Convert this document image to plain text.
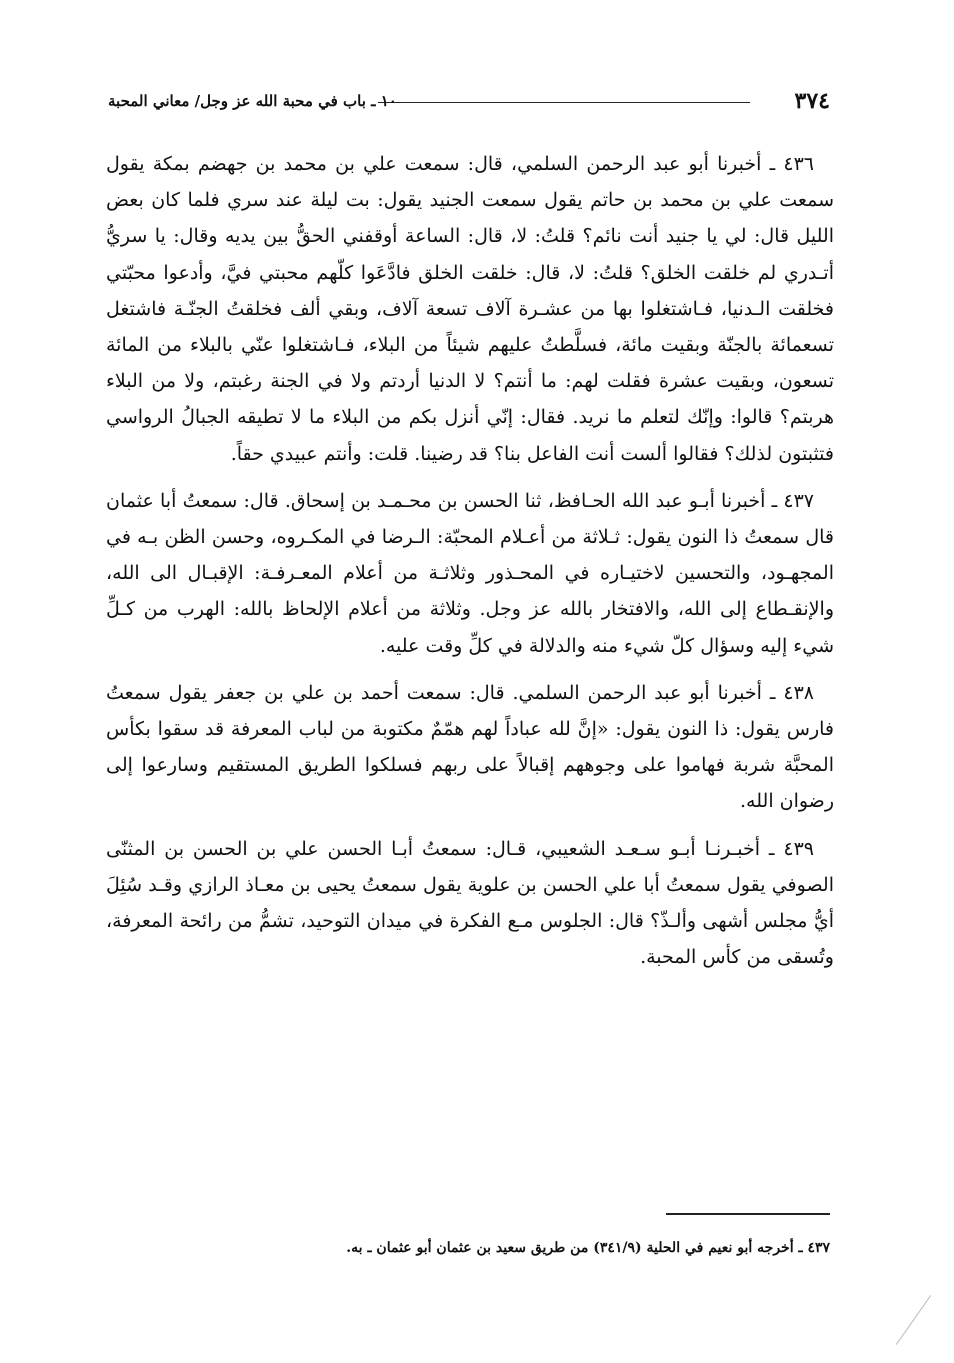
٣٧٤
١٠ ـ باب في محبة الله عز وجل/ معاني المحبة

٤٣٦ ـ أخبرنا أبو عبد الرحمن السلمي، قال: سمعت علي بن محمد بن جهضم بمكة يقول سمعت علي بن محمد بن حاتم يقول سمعت الجنيد يقول: بت ليلة عند سري فلما كان بعض الليل قال: لي يا جنيد أنت نائم؟ قلتُ: لا، قال: الساعة أوقفني الحقُّ بين يديه وقال: يا سريُّ أتـدري لم خلقت الخلق؟ قلتُ: لا، قال: خلقت الخلق فادَّعَوا كلّهم محبتي فيَّ، وأدعوا محبّتي فخلقت الـدنيا، فـاشتغلوا بها من عشـرة آلاف تسعة آلاف، وبقي ألف فخلقتُ الجنّـة فاشتغل تسعمائة بالجنّة وبقيت مائة، فسلَّطتُ عليهم شيئاً من البلاء، فـاشتغلوا عنّي بالبلاء من المائة تسعون، وبقيت عشرة فقلت لهم: ما أنتم؟ لا الدنيا أردتم ولا في الجنة رغبتم، ولا من البلاء هربتم؟ قالوا: وإنّك لتعلم ما نريد. فقال: إنّي أنزل بكم من البلاء ما لا تطيقه الجبالُ الرواسي فتثبتون لذلك؟ فقالوا ألست أنت الفاعل بنا؟ قد رضينا. قلت: وأنتم عبيدي حقاً.

٤٣٧ ـ أخبرنا أبـو عبد الله الحـافظ، ثنا الحسن بن محـمـد بن إسحاق. قال: سمعتُ أبا عثمان قال سمعتُ ذا النون يقول: ثـلاثة من أعـلام المحبّة: الـرضا في المكـروه، وحسن الظن بـه في المجهـود، والتحسين لاختيـاره في المحـذور وثلاثـة من أعلام المعـرفـة: الإقبـال الى الله، والإنقـطاع إلى الله، والافتخار بالله عز وجل. وثلاثة من أعلام الإلحاظ بالله: الهرب من كـلِّ شيء إليه وسؤال كلّ شيء منه والدلالة في كلِّ وقت عليه.

٤٣٨ ـ أخبرنا أبو عبد الرحمن السلمي. قال: سمعت أحمد بن علي بن جعفر يقول سمعتُ فارس يقول: ذا النون يقول: «إنَّ لله عباداً لهم همّمٌ مكتوبة من لباب المعرفة قد سقوا بكأس المحبَّة شربة فهاموا على وجوههم إقبالاً على ربهم فسلكوا الطريق المستقيم وسارعوا إلى رضوان الله.

٤٣٩ ـ أخبـرنـا أبـو سـعـد الشعيبي، قـال: سمعتُ أبـا الحسن علي بن الحسن بن المثنّى الصوفي يقول سمعتُ أبا علي الحسن بن علوية يقول سمعتُ يحيى بن معـاذ الرازي وقـد سُئِلَ أيُّ مجلس أشهى وألـذّ؟ قال: الجلوس مـع الفكرة في ميدان التوحيد، تشمُّ من رائحة المعرفة، وتُسقى من كأس المحبة.

٤٣٧ ـ أخرجه أبو نعيم في الحلية (٣٤١/٩) من طريق سعيد بن عثمان أبو عثمان ـ به.
